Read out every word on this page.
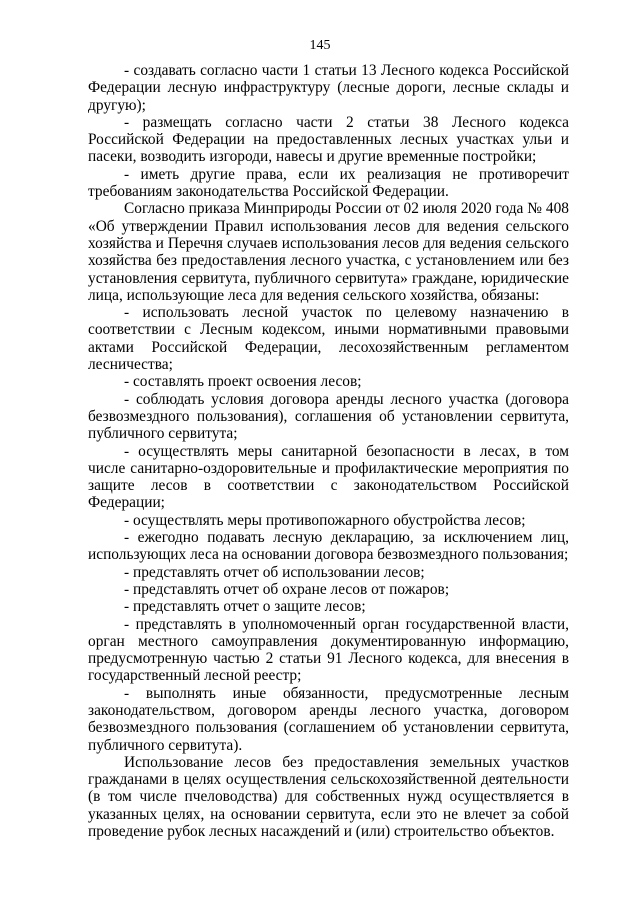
145

- создавать согласно части 1 статьи 13 Лесного кодекса Российской Федерации лесную инфраструктуру (лесные дороги, лесные склады и другую);

- размещать согласно части 2 статьи 38 Лесного кодекса Российской Федерации на предоставленных лесных участках ульи и пасеки, возводить изгороди, навесы и другие временные постройки;

- иметь другие права, если их реализация не противоречит требованиям законодательства Российской Федерации.

Согласно приказа Минприроды России от 02 июля 2020 года № 408 «Об утверждении Правил использования лесов для ведения сельского хозяйства и Перечня случаев использования лесов для ведения сельского хозяйства без предоставления лесного участка, с установлением или без установления сервитута, публичного сервитута» граждане, юридические лица, использующие леса для ведения сельского хозяйства, обязаны:

- использовать лесной участок по целевому назначению в соответствии с Лесным кодексом, иными нормативными правовыми актами Российской Федерации, лесохозяйственным регламентом лесничества;

- составлять проект освоения лесов;

- соблюдать условия договора аренды лесного участка (договора безвозмездного пользования), соглашения об установлении сервитута, публичного сервитута;

- осуществлять меры санитарной безопасности в лесах, в том числе санитарно-оздоровительные и профилактические мероприятия по защите лесов в соответствии с законодательством Российской Федерации;

- осуществлять меры противопожарного обустройства лесов;

- ежегодно подавать лесную декларацию, за исключением лиц, использующих леса на основании договора безвозмездного пользования;

- представлять отчет об использовании лесов;

- представлять отчет об охране лесов от пожаров;

- представлять отчет о защите лесов;

- представлять в уполномоченный орган государственной власти, орган местного самоуправления документированную информацию, предусмотренную частью 2 статьи 91 Лесного кодекса, для внесения в государственный лесной реестр;

- выполнять иные обязанности, предусмотренные лесным законодательством, договором аренды лесного участка, договором безвозмездного пользования (соглашением об установлении сервитута, публичного сервитута).

Использование лесов без предоставления земельных участков гражданами в целях осуществления сельскохозяйственной деятельности (в том числе пчеловодства) для собственных нужд осуществляется в указанных целях, на основании сервитута, если это не влечет за собой проведение рубок лесных насаждений и (или) строительство объектов.
